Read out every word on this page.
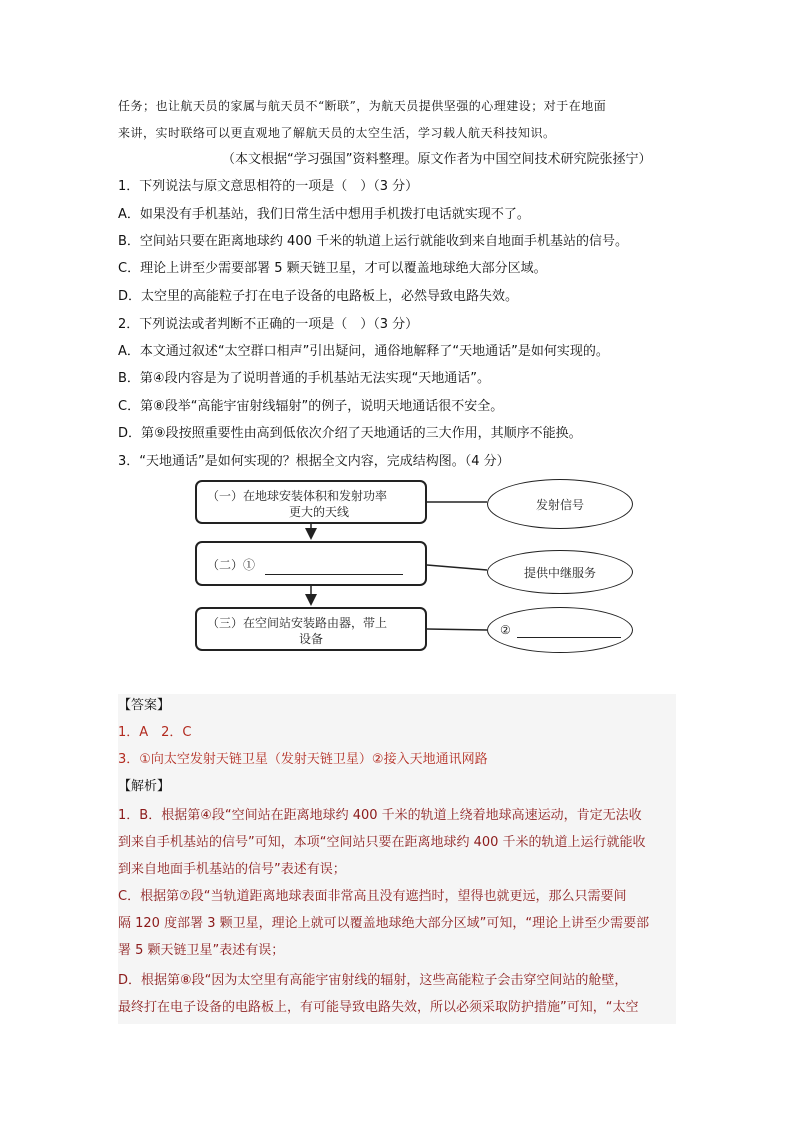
任务；也让航天员的家属与航天员不“断联”，为航天员提供坚强的心理建设；对于在地面
来讲，实时联络可以更直观地了解航天员的太空生活，学习载人航天科技知识。
（本文根据“学习强国”资料整理。原文作者为中国空间技术研究院张拯宁）
1．下列说法与原文意思相符的一项是（　）（3 分）
A．如果没有手机基站，我们日常生活中想用手机拨打电话就实现不了。
B．空间站只要在距离地球约 400 千米的轨道上运行就能收到来自地面手机基站的信号。
C．理论上讲至少需要部署 5 颗天链卫星，才可以覆盖地球绝大部分区域。
D．太空里的高能粒子打在电子设备的电路板上，必然导致电路失效。
2．下列说法或者判断不正确的一项是（　）（3 分）
A．本文通过叙述“太空群口相声”引出疑问，通俗地解释了“天地通话”是如何实现的。
B．第④段内容是为了说明普通的手机基站无法实现“天地通话”。
C．第⑧段举“高能宇宙射线辐射”的例子，说明天地通话很不安全。
D．第⑨段按照重要性由高到低依次介绍了天地通话的三大作用，其顺序不能换。
3．“天地通话”是如何实现的？根据全文内容，完成结构图。（4 分）
（一）在地球安装体积和发射功率
更大的天线
（二）①
（三）在空间站安装路由器，带上
设备
发射信号
提供中继服务
②

【答案】
1．A　2．C
3．①向太空发射天链卫星（发射天链卫星）②接入天地通讯网路
【解析】
1．B．根据第④段“空间站在距离地球约 400 千米的轨道上绕着地球高速运动，肯定无法收
到来自手机基站的信号”可知，本项“空间站只要在距离地球约 400 千米的轨道上运行就能收
到来自地面手机基站的信号”表述有误；
C．根据第⑦段“当轨道距离地球表面非常高且没有遮挡时，望得也就更远，那么只需要间
隔 120 度部署 3 颗卫星，理论上就可以覆盖地球绝大部分区域”可知，“理论上讲至少需要部
署 5 颗天链卫星”表述有误；
D．根据第⑧段“因为太空里有高能宇宙射线的辐射，这些高能粒子会击穿空间站的舱壁，
最终打在电子设备的电路板上，有可能导致电路失效，所以必须采取防护措施”可知，“太空
